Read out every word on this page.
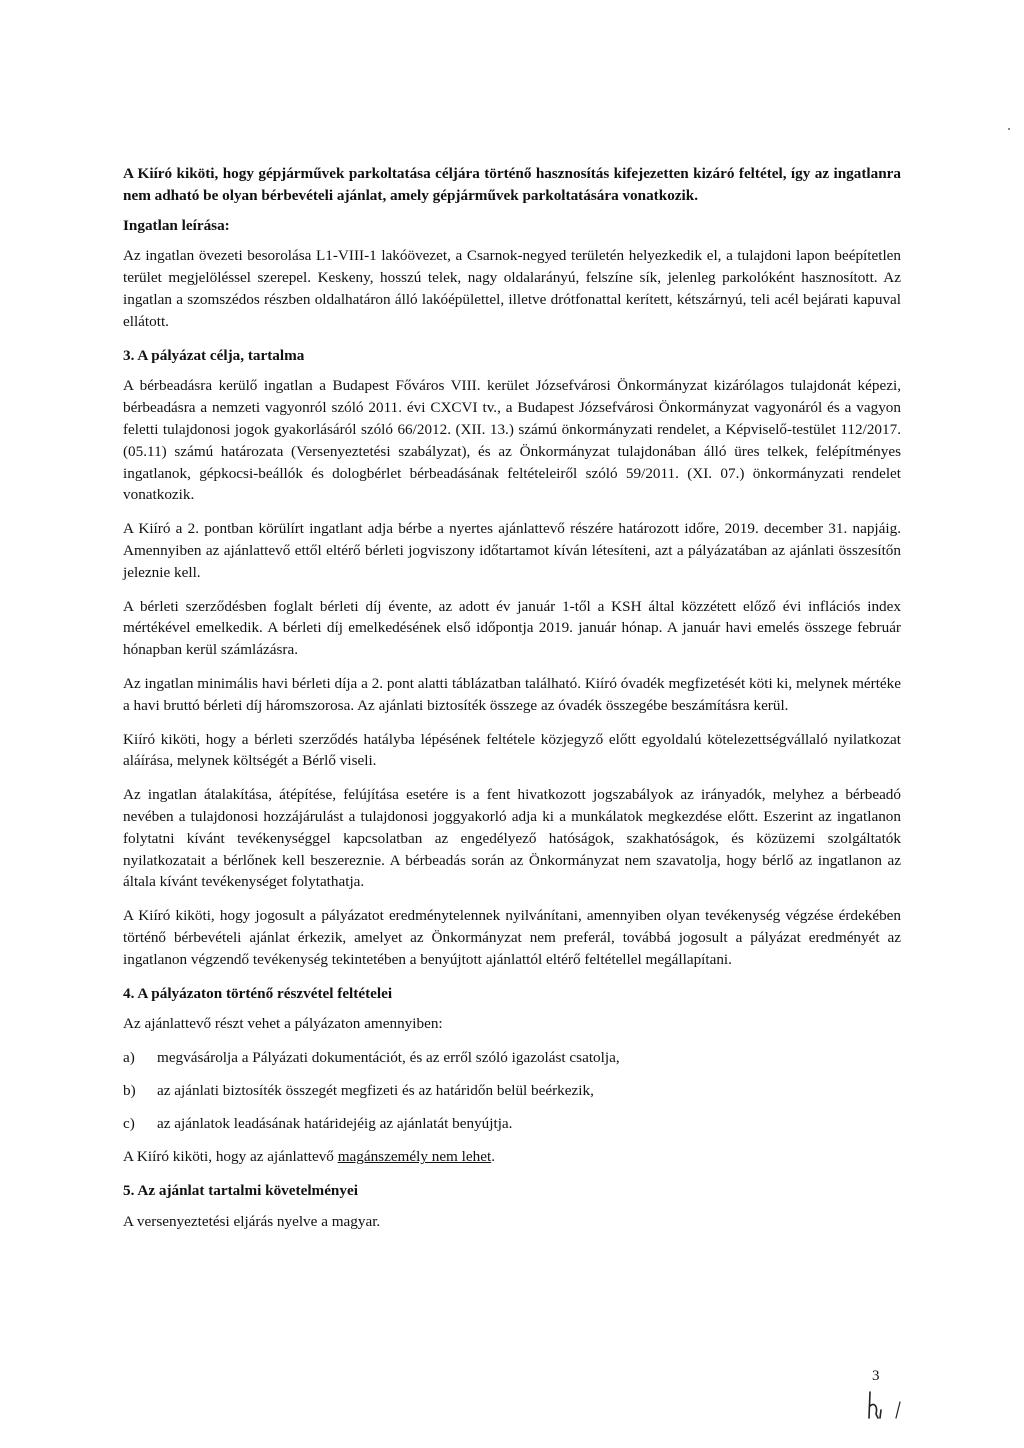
A Kiíró kiköti, hogy gépjárművek parkoltatása céljára történő hasznosítás kifejezetten kizáró feltétel, így az ingatlanra nem adható be olyan bérbevételi ajánlat, amely gépjárművek parkoltatására vonatkozik.

Ingatlan leírása:

Az ingatlan övezeti besorolása L1-VIII-1 lakóövezet, a Csarnok-negyed területén helyezkedik el, a tulajdoni lapon beépítetlen terület megjelöléssel szerepel. Keskeny, hosszú telek, nagy oldalarányú, felszíne sík, jelenleg parkolóként hasznosított. Az ingatlan a szomszédos részben oldalhatáron álló lakóépülettel, illetve drótfonattal kerített, kétszárnyú, teli acél bejárati kapuval ellátott.

3. A pályázat célja, tartalma

A bérbeadásra kerülő ingatlan a Budapest Főváros VIII. kerület Józsefvárosi Önkormányzat kizárólagos tulajdonát képezi, bérbeadásra a nemzeti vagyonról szóló 2011. évi CXCVI tv., a Budapest Józsefvárosi Önkormányzat vagyonáról és a vagyon feletti tulajdonosi jogok gyakorlásáról szóló 66/2012. (XII. 13.) számú önkormányzati rendelet, a Képviselő-testület 112/2017. (05.11) számú határozata (Versenyeztetési szabályzat), és az Önkormányzat tulajdonában álló üres telkek, felépítményes ingatlanok, gépkocsi-beállók és dologbérlet bérbeadásának feltételeiről szóló 59/2011. (XI. 07.) önkormányzati rendelet vonatkozik.

A Kiíró a 2. pontban körülírt ingatlant adja bérbe a nyertes ajánlattevő részére határozott időre, 2019. december 31. napjáig. Amennyiben az ajánlattevő ettől eltérő bérleti jogviszony időtartamot kíván létesíteni, azt a pályázatában az ajánlati összesítőn jeleznie kell.

A bérleti szerződésben foglalt bérleti díj évente, az adott év január 1-től a KSH által közzétett előző évi inflációs index mértékével emelkedik. A bérleti díj emelkedésének első időpontja 2019. január hónap. A január havi emelés összege február hónapban kerül számlázásra.

Az ingatlan minimális havi bérleti díja a 2. pont alatti táblázatban található. Kiíró óvadék megfizetését köti ki, melynek mértéke a havi bruttó bérleti díj háromszorosa. Az ajánlati biztosíték összege az óvadék összegébe beszámításra kerül.

Kiíró kiköti, hogy a bérleti szerződés hatályba lépésének feltétele közjegyző előtt egyoldalú kötelezettségvállaló nyilatkozat aláírása, melynek költségét a Bérlő viseli.

Az ingatlan átalakítása, átépítése, felújítása esetére is a fent hivatkozott jogszabályok az irányadók, melyhez a bérbeadó nevében a tulajdonosi hozzájárulást a tulajdonosi joggyakorló adja ki a munkálatok megkezdése előtt. Eszerint az ingatlanon folytatni kívánt tevékenységgel kapcsolatban az engedélyező hatóságok, szakhatóságok, és közüzemi szolgáltatók nyilatkozatait a bérlőnek kell beszereznie. A bérbeadás során az Önkormányzat nem szavatolja, hogy bérlő az ingatlanon az általa kívánt tevékenységet folytathatja.

A Kiíró kiköti, hogy jogosult a pályázatot eredménytelennek nyilvánítani, amennyiben olyan tevékenység végzése érdekében történő bérbevételi ajánlat érkezik, amelyet az Önkormányzat nem preferál, továbbá jogosult a pályázat eredményét az ingatlanon végzendő tevékenység tekintetében a benyújtott ajánlattól eltérő feltétellel megállapítani.

4. A pályázaton történő részvétel feltételei

Az ajánlattevő részt vehet a pályázaton amennyiben:

a)	megvásárolja a Pályázati dokumentációt, és az erről szóló igazolást csatolja,
b)	az ajánlati biztosíték összegét megfizeti és az határidőn belül beérkezik,
c)	az ajánlatok leadásának határidejéig az ajánlatát benyújtja.

A Kiíró kiköti, hogy az ajánlattevő magánszemély nem lehet.

5. Az ajánlat tartalmi követelményei

A versenyeztetési eljárás nyelve a magyar.

3
